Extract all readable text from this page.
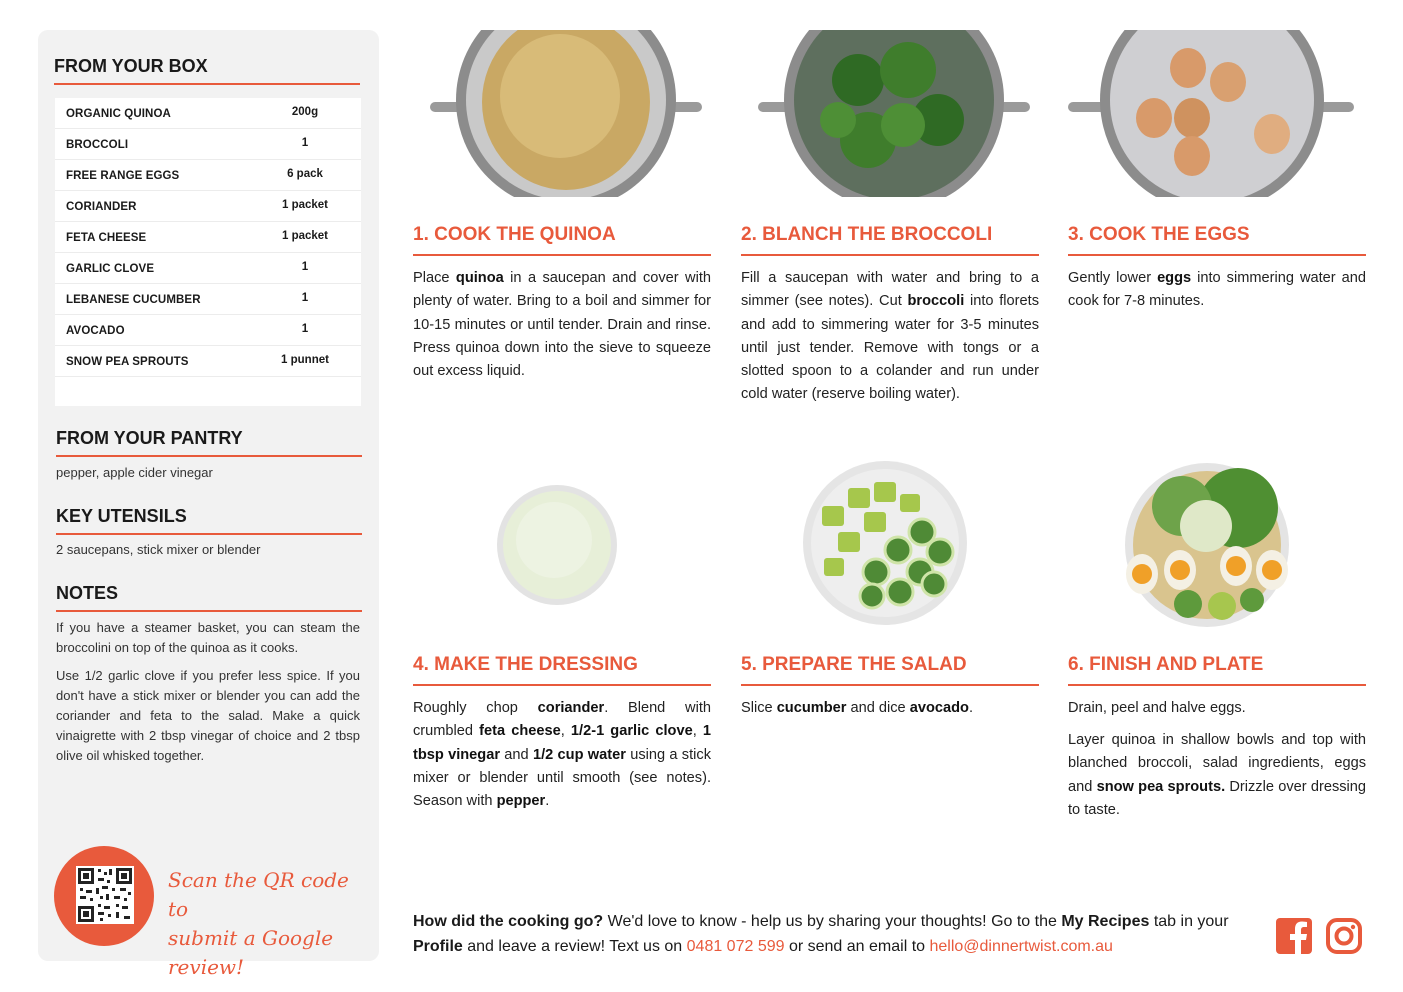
FROM YOUR BOX
ORGANIC QUINOA	200g
BROCCOLI	1
FREE RANGE EGGS	6 pack
CORIANDER	1 packet
FETA CHEESE	1 packet
GARLIC CLOVE	1
LEBANESE CUCUMBER	1
AVOCADO	1
SNOW PEA SPROUTS	1 punnet
FROM YOUR PANTRY
pepper, apple cider vinegar
KEY UTENSILS
2 saucepans, stick mixer or blender
NOTES
If you have a steamer basket, you can steam the broccolini on top of the quinoa as it cooks.
Use 1/2 garlic clove if you prefer less spice. If you don't have a stick mixer or blender you can add the coriander and feta to the salad. Make a quick vinaigrette with 2 tbsp vinegar of choice and 2 tbsp olive oil whisked together.
Scan the QR code to
submit a Google review!
1. COOK THE QUINOA	2. BLANCH THE BROCCOLI	3. COOK THE EGGS
4. MAKE THE DRESSING	5. PREPARE THE SALAD	6. FINISH AND PLATE
Place quinoa in a saucepan and cover with plenty of water. Bring to a boil and simmer for 10-15 minutes or until tender. Drain and rinse. Press quinoa down into the sieve to squeeze out excess liquid.
Fill a saucepan with water and bring to a simmer (see notes). Cut broccoli into florets and add to simmering water for 3-5 minutes until just tender. Remove with tongs or a slotted spoon to a colander and run under cold water (reserve boiling water).
Gently lower eggs into simmering water and cook for 7-8 minutes.
Roughly chop coriander. Blend with crumbled feta cheese, 1/2-1 garlic clove, 1 tbsp vinegar and 1/2 cup water using a stick mixer or blender until smooth (see notes). Season with pepper.
Slice cucumber and dice avocado.	Drain, peel and halve eggs.
Layer quinoa in shallow bowls and top with blanched broccoli, salad ingredients, eggs and snow pea sprouts. Drizzle over dressing to taste.
How did the cooking go? We'd love to know - help us by sharing your thoughts! Go to the My Recipes tab in your Profile and leave a review! Text us on 0481 072 599 or send an email to hello@dinnertwist.com.au
